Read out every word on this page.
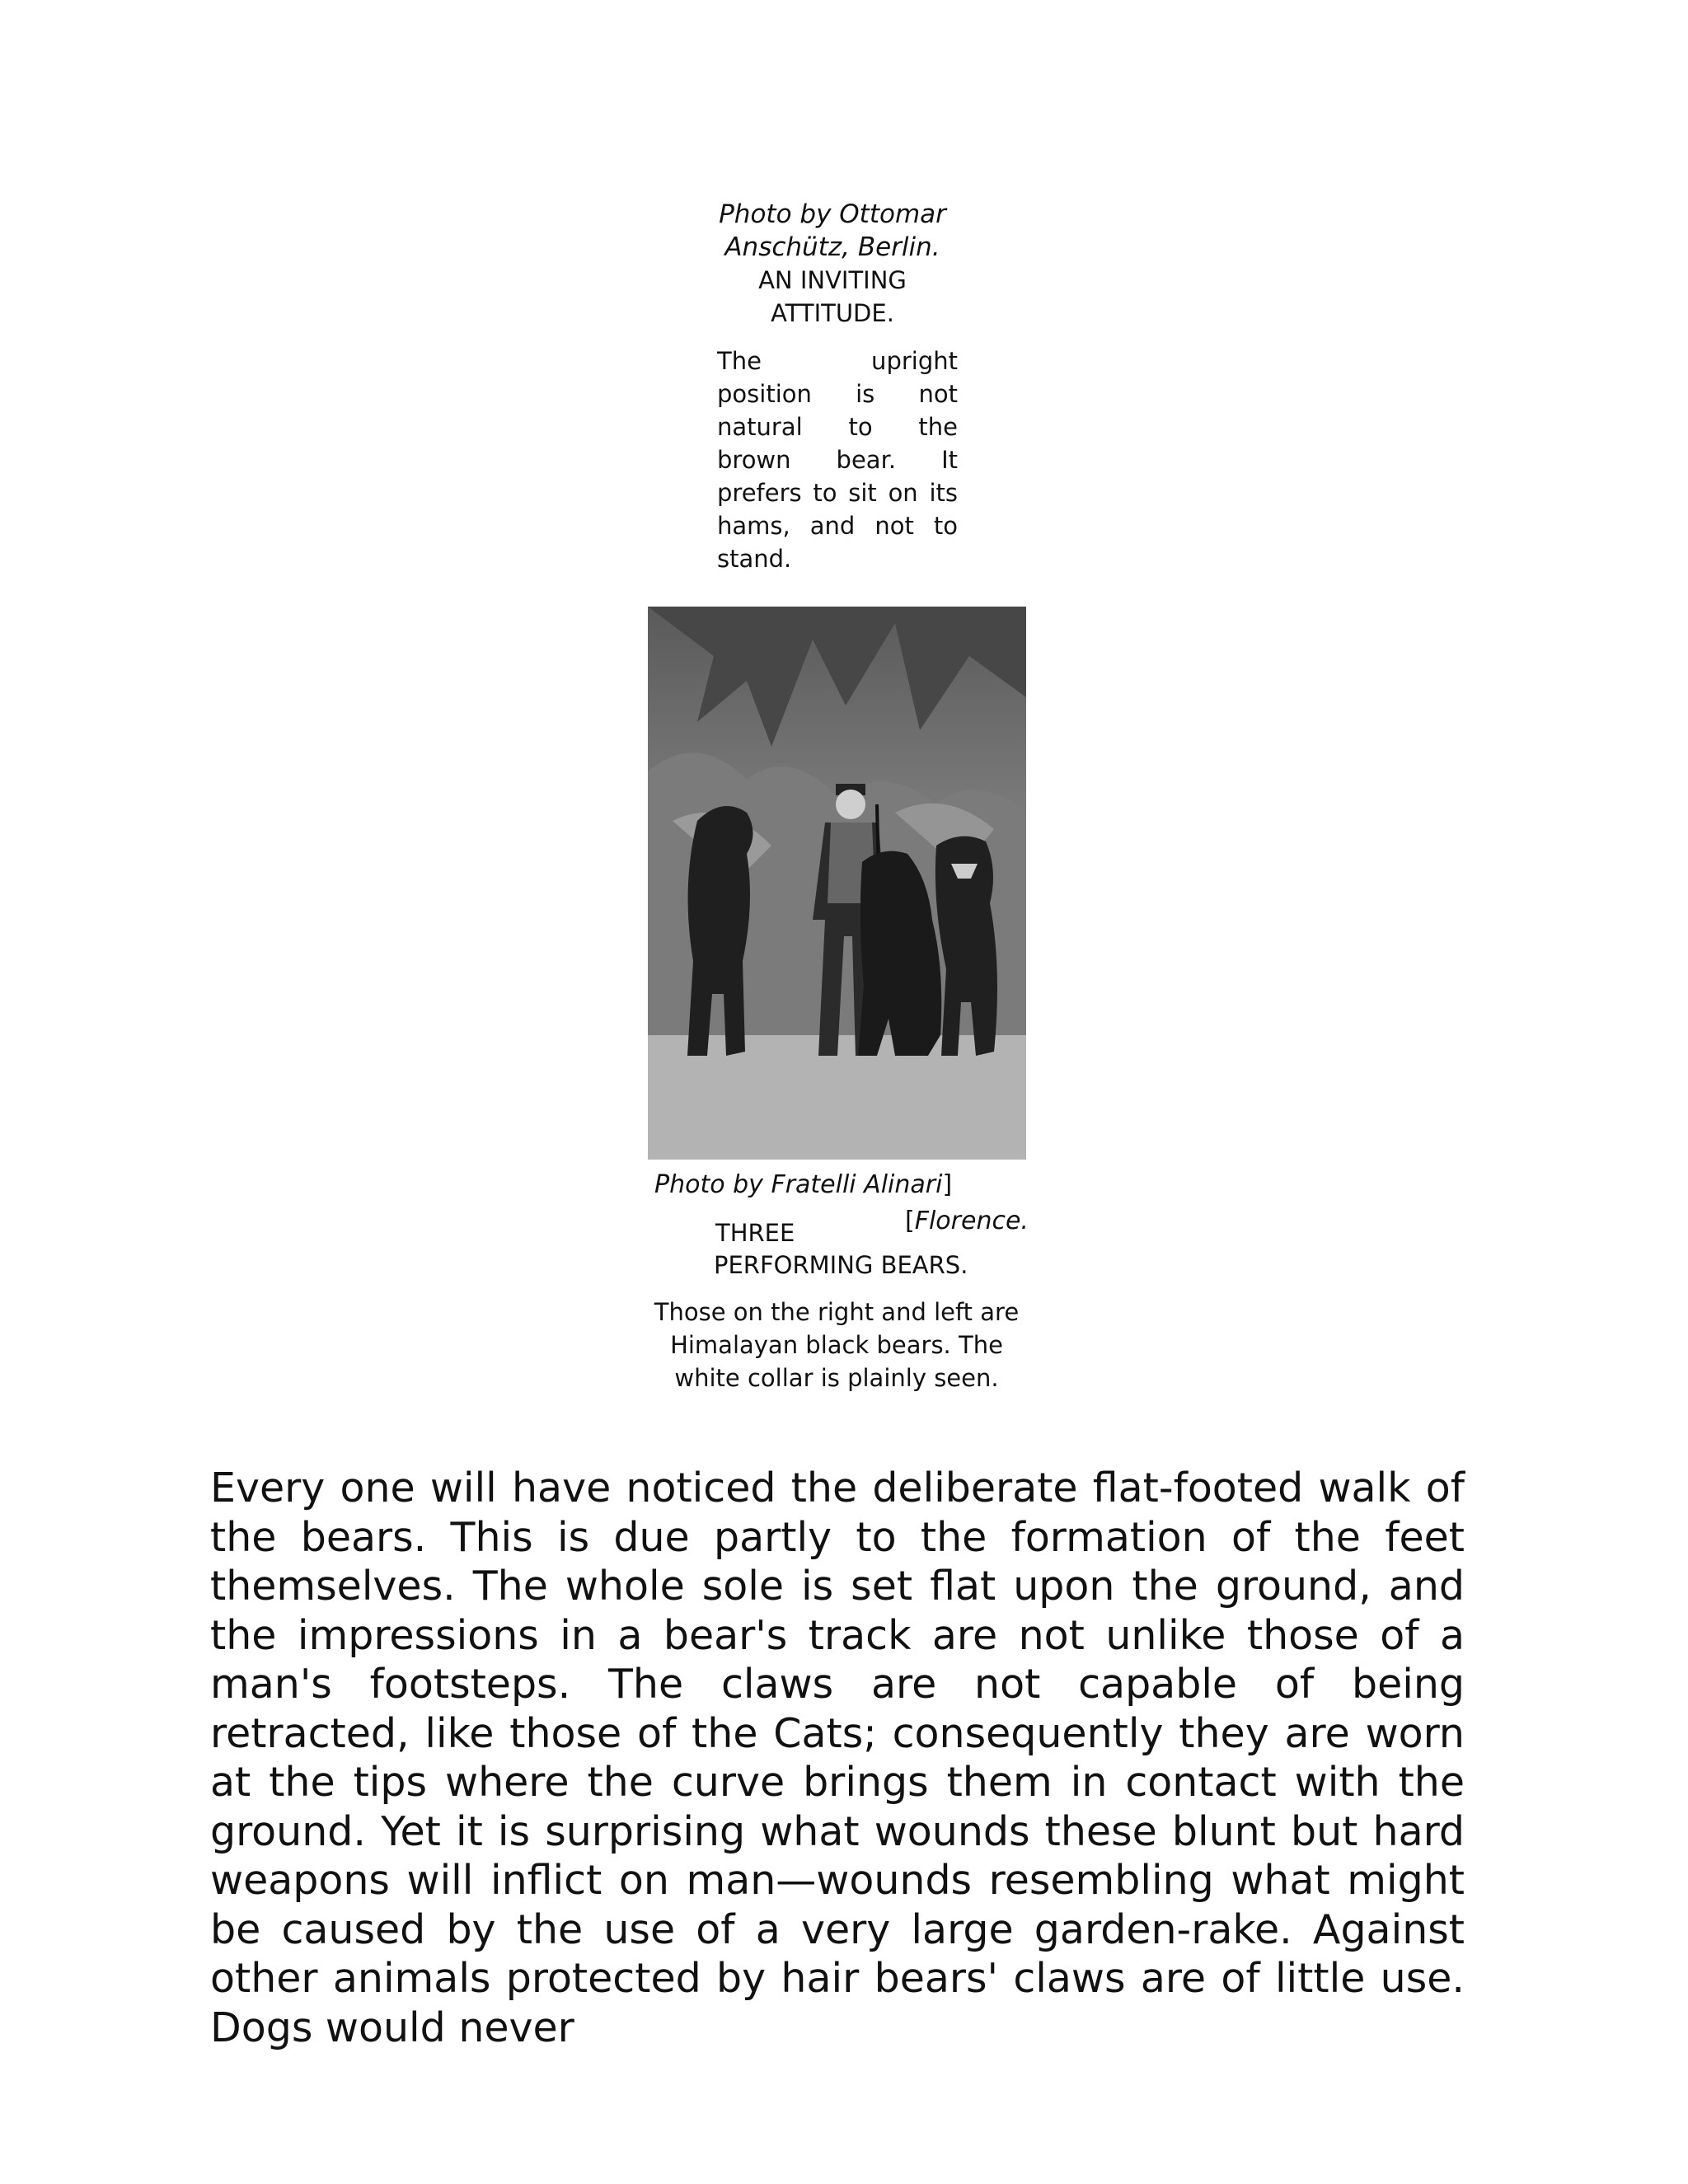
Photo by Ottomar Anschütz, Berlin.
AN INVITING ATTITUDE.
The upright position is not natural to the brown bear. It prefers to sit on its hams, and not to stand.
Photo by Fratelli Alinari]
[Florence.
THREE
PERFORMING BEARS.
Those on the right and left are Himalayan black bears. The white collar is plainly seen.
Every one will have noticed the deliberate flat-footed walk of the bears. This is due partly to the formation of the feet themselves. The whole sole is set flat upon the ground, and the impressions in a bear's track are not unlike those of a man's footsteps. The claws are not capable of being retracted, like those of the Cats; consequently they are worn at the tips where the curve brings them in contact with the ground. Yet it is surprising what wounds these blunt but hard weapons will inflict on man—wounds resembling what might be caused by the use of a very large garden-rake. Against other animals protected by hair bears' claws are of little use. Dogs would never
